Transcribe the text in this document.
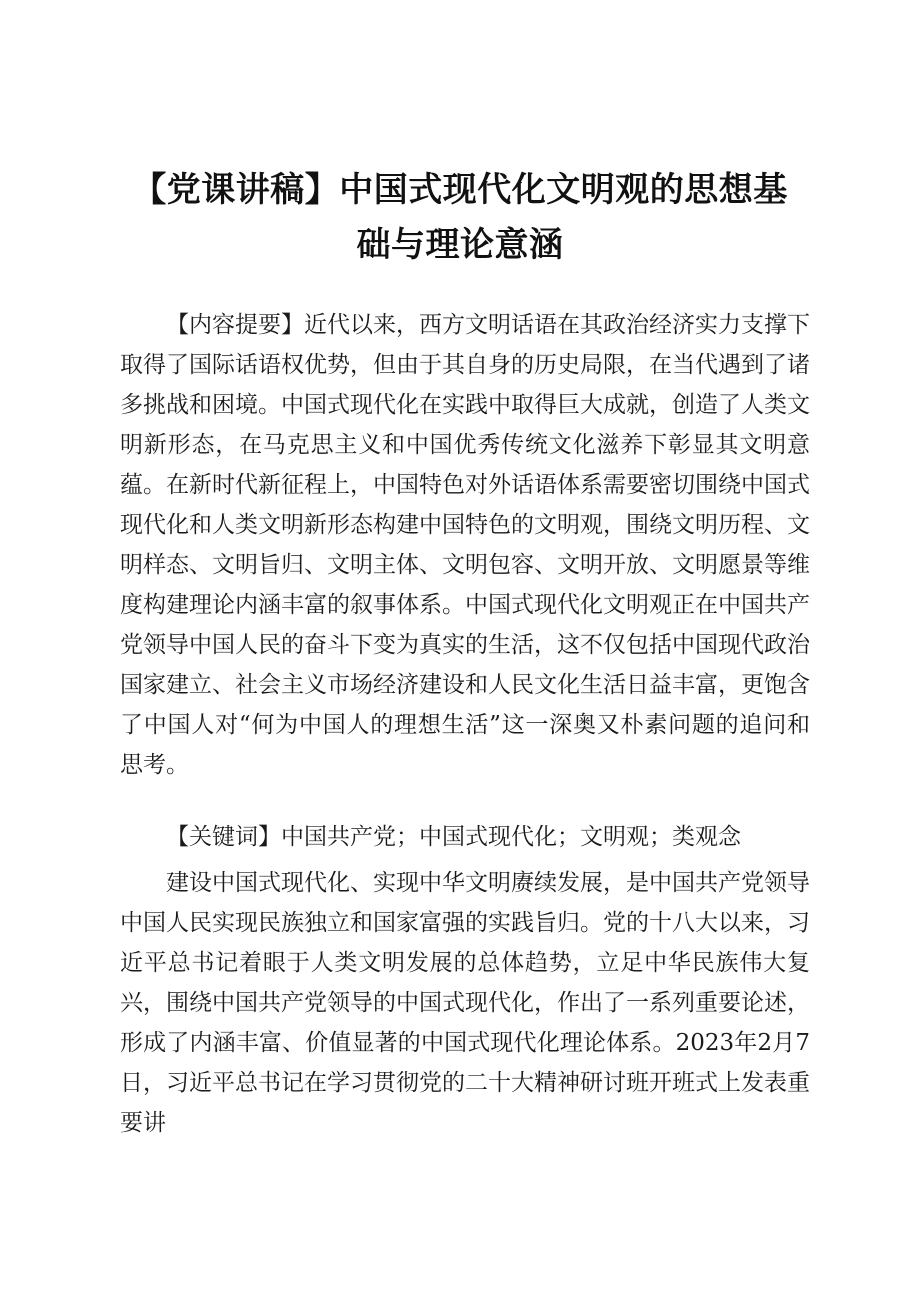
【党课讲稿】中国式现代化文明观的思想基础与理论意涵

【内容提要】近代以来，西方文明话语在其政治经济实力支撑下取得了国际话语权优势，但由于其自身的历史局限，在当代遇到了诸多挑战和困境。中国式现代化在实践中取得巨大成就，创造了人类文明新形态，在马克思主义和中国优秀传统文化滋养下彰显其文明意蕴。在新时代新征程上，中国特色对外话语体系需要密切围绕中国式现代化和人类文明新形态构建中国特色的文明观，围绕文明历程、文明样态、文明旨归、文明主体、文明包容、文明开放、文明愿景等维度构建理论内涵丰富的叙事体系。中国式现代化文明观正在中国共产党领导中国人民的奋斗下变为真实的生活，这不仅包括中国现代政治国家建立、社会主义市场经济建设和人民文化生活日益丰富，更饱含了中国人对“何为中国人的理想生活”这一深奥又朴素问题的追问和思考。

【关键词】中国共产党；中国式现代化；文明观；类观念

建设中国式现代化、实现中华文明赓续发展，是中国共产党领导中国人民实现民族独立和国家富强的实践旨归。党的十八大以来，习近平总书记着眼于人类文明发展的总体趋势，立足中华民族伟大复兴，围绕中国共产党领导的中国式现代化，作出了一系列重要论述，形成了内涵丰富、价值显著的中国式现代化理论体系。2023年2月7日，习近平总书记在学习贯彻党的二十大精神研讨班开班式上发表重要讲
